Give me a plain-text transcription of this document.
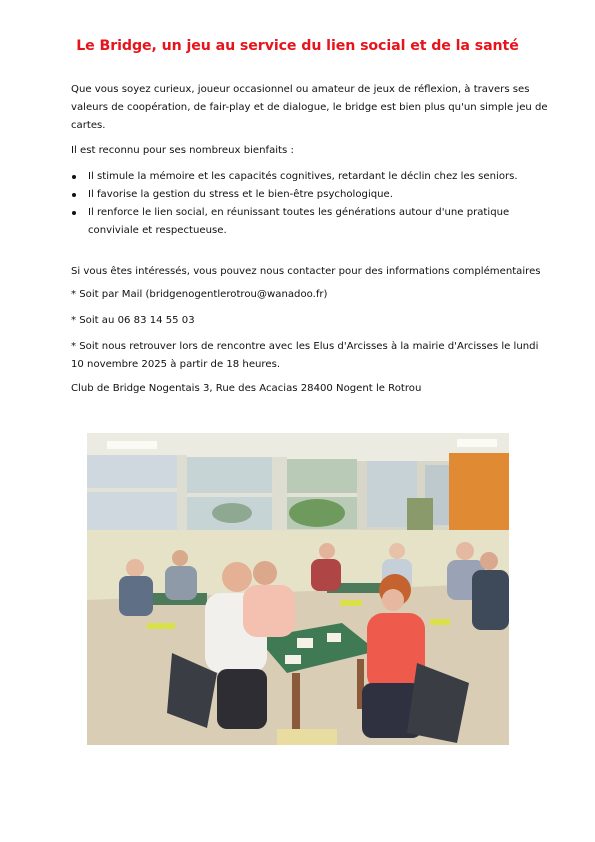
Le Bridge, un jeu au service du lien social et de la santé
Que vous soyez curieux, joueur occasionnel ou amateur de jeux de réflexion, à travers ses valeurs de coopération, de fair-play et de dialogue, le bridge est bien plus qu'un simple jeu de cartes.
Il est reconnu pour ses nombreux bienfaits :
Il stimule la mémoire et les capacités cognitives, retardant le déclin chez les seniors.
Il favorise la gestion du stress et le bien-être psychologique.
Il renforce le lien social, en réunissant toutes les générations autour d'une pratique conviviale et respectueuse.
Si vous êtes intéressés, vous pouvez nous contacter pour des informations complémentaires
* Soit par Mail (bridgenogentlerotrou@wanadoo.fr)
* Soit au 06 83 14 55 03
* Soit nous retrouver lors de rencontre avec les Elus d'Arcisses à la mairie d'Arcisses le lundi 10 novembre 2025 à partir de 18 heures.
Club de Bridge Nogentais 3, Rue des Acacias 28400 Nogent le Rotrou
